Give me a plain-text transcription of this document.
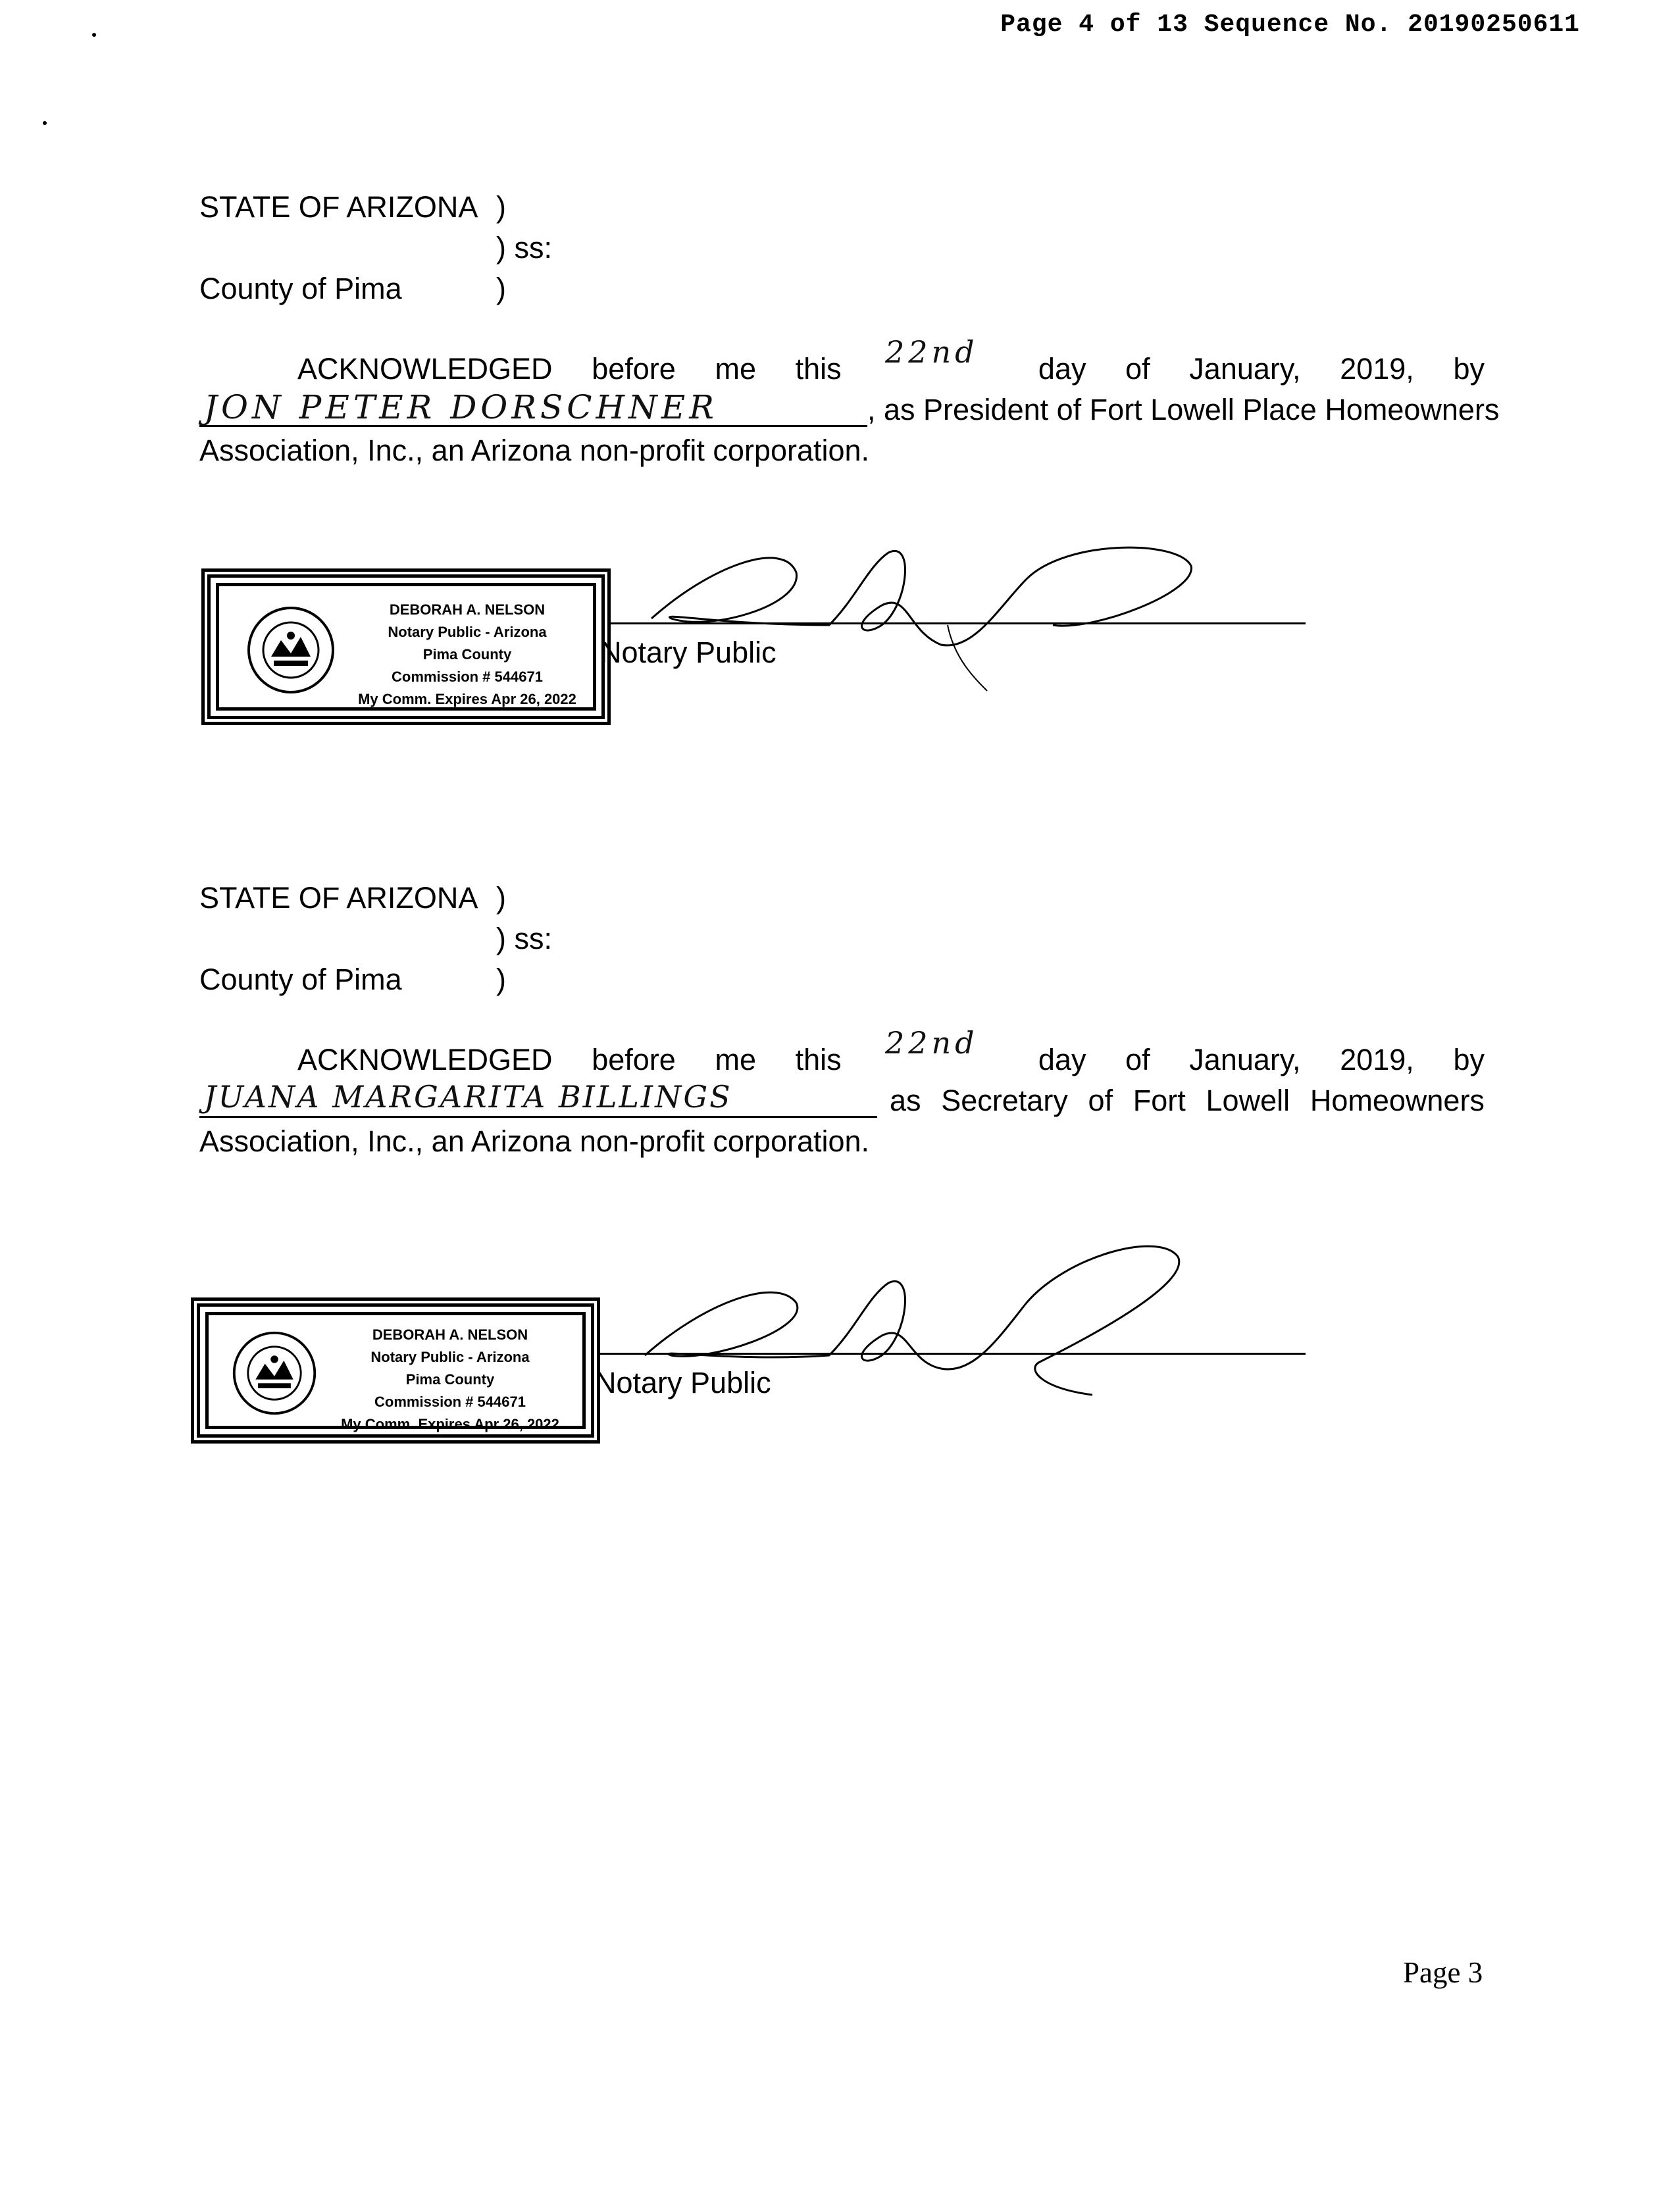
Page 4 of 13 Sequence No. 20190250611
STATE OF ARIZONA )
) ss:
County of Pima	)
ACKNOWLEDGED before me this	day of January, 2019, by
22nd
JON PETER DORSCHNER	, as President of Fort Lowell Place Homeowners
Association, Inc., an Arizona non-profit corporation.
DEBORAH A. NELSON
Notary Public - Arizona
Pima County
Commission # 544671
My Comm. Expires Apr 26, 2022
Notary Public
STATE OF ARIZONA )
) ss:
County of Pima	)
ACKNOWLEDGED before me this	day of January, 2019, by
22nd
JUANA MARGARITA BILLINGS	as Secretary of Fort Lowell Homeowners
Association, Inc., an Arizona non-profit corporation.
DEBORAH A. NELSON
Notary Public - Arizona
Pima County
Commission # 544671
My Comm. Expires Apr 26, 2022
Notary Public
Page 3
